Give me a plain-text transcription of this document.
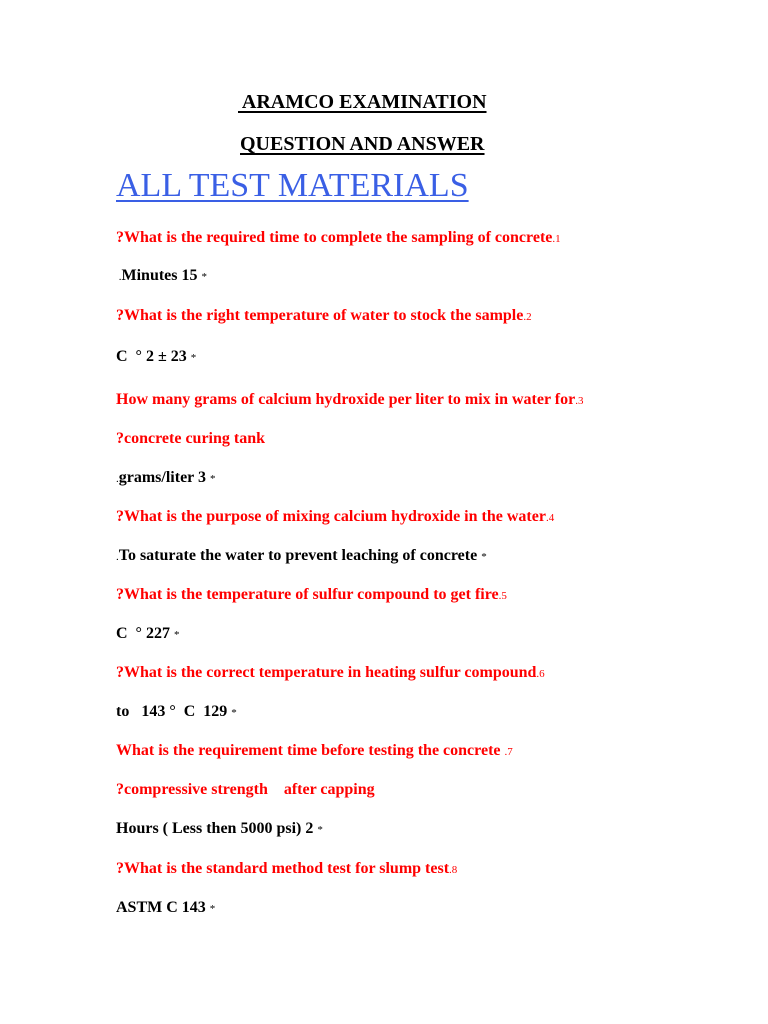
ARAMCO EXAMINATION
QUESTION AND ANSWER
ALL TEST MATERIALS
?What is the required time to complete the sampling of concrete.1
.Minutes 15 *
?What is the right temperature of water to stock the sample.2
C  ° 2 ± 23 *
How many grams of calcium hydroxide per liter to mix in water for.3
?concrete curing tank
.grams/liter 3 *
?What is the purpose of mixing calcium hydroxide in the water.4
.To saturate the water to prevent leaching of concrete *
?What is the temperature of sulfur compound to get fire.5
C  ° 227 *
?What is the correct temperature in heating sulfur compound.6
to   143 °  C  129 *
What is the requirement time before testing the concrete .7
?compressive strength    after capping
Hours ( Less then 5000 psi) 2 *
?What is the standard method test for slump test.8
ASTM C 143 *
